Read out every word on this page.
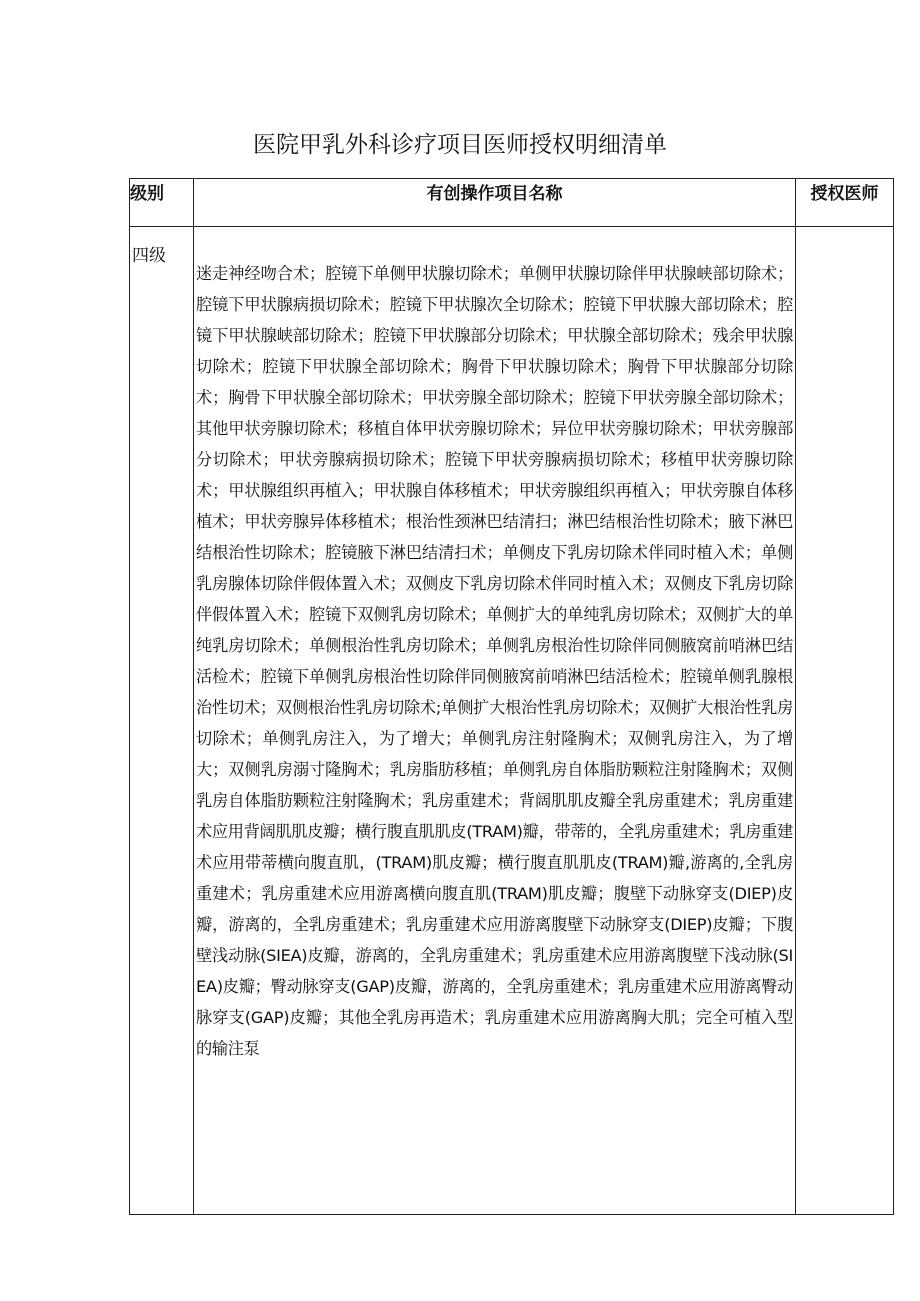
医院甲乳外科诊疗项目医师授权明细清单
级别	有创操作项目名称	授权医师
四级	迷走神经吻合术；腔镜下单侧甲状腺切除术；单侧甲状腺切除伴甲状腺峡部切除术；腔镜下甲状腺病损切除术；腔镜下甲状腺次全切除术；腔镜下甲状腺大部切除术；腔镜下甲状腺峡部切除术；腔镜下甲状腺部分切除术；甲状腺全部切除术；残余甲状腺切除术；腔镜下甲状腺全部切除术；胸骨下甲状腺切除术；胸骨下甲状腺部分切除术；胸骨下甲状腺全部切除术；甲状旁腺全部切除术；腔镜下甲状旁腺全部切除术；其他甲状旁腺切除术；移植自体甲状旁腺切除术；异位甲状旁腺切除术；甲状旁腺部分切除术；甲状旁腺病损切除术；腔镜下甲状旁腺病损切除术；移植甲状旁腺切除术；甲状腺组织再植入；甲状腺自体移植术；甲状旁腺组织再植入；甲状旁腺自体移植术；甲状旁腺异体移植术；根治性颈淋巴结清扫；淋巴结根治性切除术；腋下淋巴结根治性切除术；腔镜腋下淋巴结清扫术；单侧皮下乳房切除术伴同时植入术；单侧乳房腺体切除伴假体置入术；双侧皮下乳房切除术伴同时植入术；双侧皮下乳房切除伴假体置入术；腔镜下双侧乳房切除术；单侧扩大的单纯乳房切除术；双侧扩大的单纯乳房切除术；单侧根治性乳房切除术；单侧乳房根治性切除伴同侧腋窝前哨淋巴结活检术；腔镜下单侧乳房根治性切除伴同侧腋窝前哨淋巴结活检术；腔镜单侧乳腺根治性切术；双侧根治性乳房切除术;单侧扩大根治性乳房切除术；双侧扩大根治性乳房切除术；单侧乳房注入，为了增大；单侧乳房注射隆胸术；双侧乳房注入，为了增大；双侧乳房溺寸隆胸术；乳房脂肪移植；单侧乳房自体脂肪颗粒注射隆胸术；双侧乳房自体脂肪颗粒注射隆胸术；乳房重建术；背阔肌肌皮瓣全乳房重建术；乳房重建术应用背阔肌肌皮瓣；横行腹直肌肌皮(TRAM)瓣，带蒂的，全乳房重建术；乳房重建术应用带蒂横向腹直肌，(TRAM)肌皮瓣；横行腹直肌肌皮(TRAM)瓣,游离的,全乳房重建术；乳房重建术应用游离横向腹直肌(TRAM)肌皮瓣；腹壁下动脉穿支(DIEP)皮瓣，游离的，全乳房重建术；乳房重建术应用游离腹壁下动脉穿支(DIEP)皮瓣；下腹壁浅动脉(SIEA)皮瓣，游离的，全乳房重建术；乳房重建术应用游离腹壁下浅动脉(SIEA)皮瓣；臀动脉穿支(GAP)皮瓣，游离的，全乳房重建术；乳房重建术应用游离臀动脉穿支(GAP)皮瓣；其他全乳房再造术；乳房重建术应用游离胸大肌；完全可植入型的输注泵	
